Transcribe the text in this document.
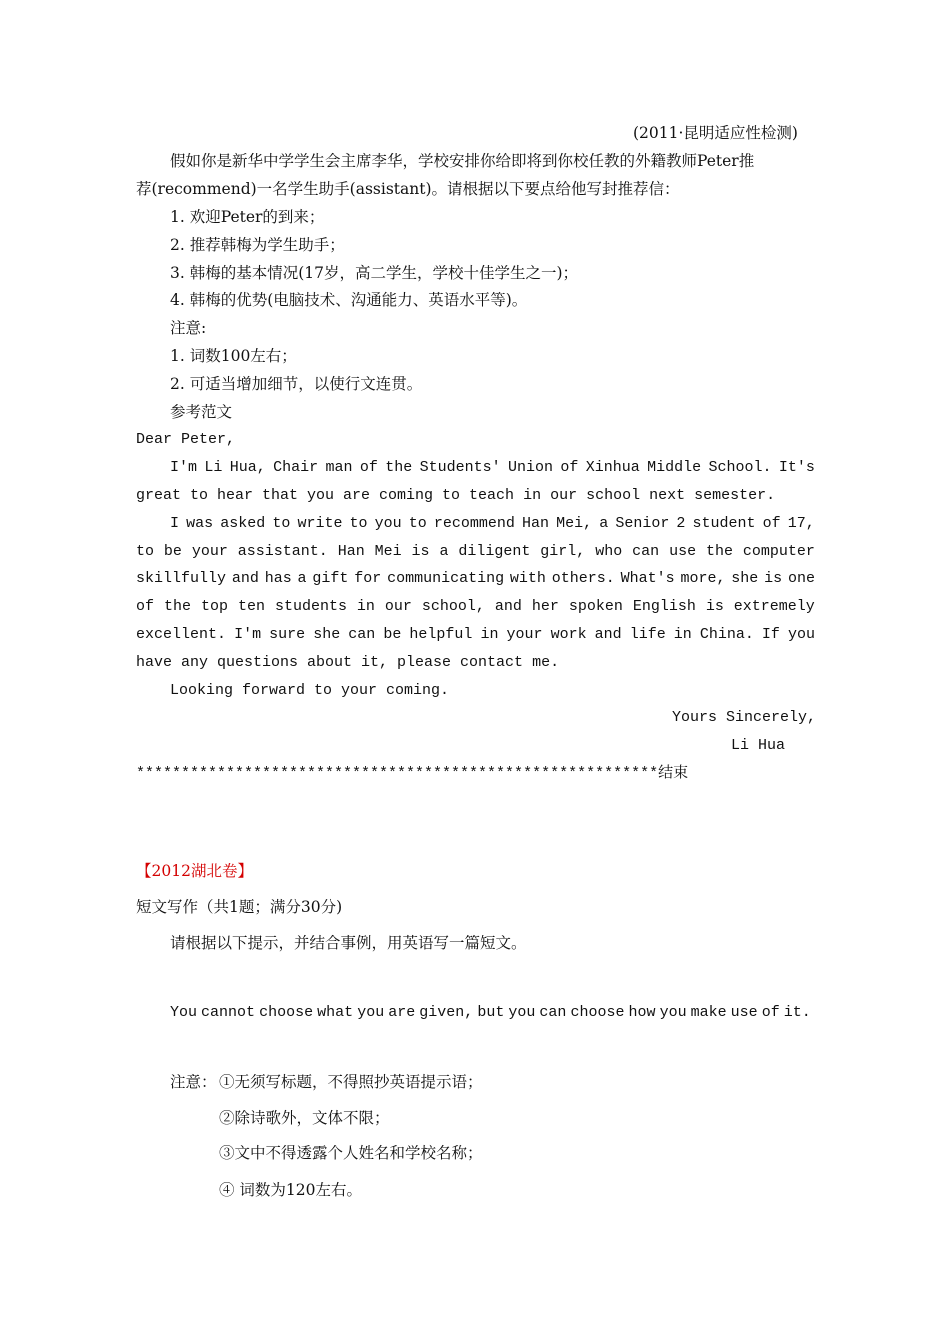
(2011·昆明适应性检测)
假如你是新华中学学生会主席李华，学校安排你给即将到你校任教的外籍教师Peter推
荐(recommend)一名学生助手(assistant)。请根据以下要点给他写封推荐信：
1. 欢迎Peter的到来；
2. 推荐韩梅为学生助手；
3. 韩梅的基本情况(17岁，高二学生，学校十佳学生之一)；
4. 韩梅的优势(电脑技术、沟通能力、英语水平等)。
注意:
1. 词数100左右；
2. 可适当增加细节，以使行文连贯。
参考范文
Dear Peter,
I'm Li Hua, Chair man of the Students' Union of Xinhua Middle School. It's
great to hear that you are coming to teach in our school next semester.
I was asked to write to you to recommend Han Mei, a Senior 2 student of 17,
to be your assistant. Han Mei is a diligent girl, who can use the computer
skillfully and has a gift for communicating with others. What's more, she is one
of the top ten students in our school, and her spoken English is extremely
excellent. I'm sure she can be helpful in your work and life in China. If you
have any questions about it, please contact me.
Looking forward to your coming.
Yours Sincerely,
Li Hua
**********************************************************结束
【2012湖北卷】
短文写作（共1题；满分30分)
请根据以下提示，并结合事例，用英语写一篇短文。
You cannot choose what you are given, but you can choose how you make use of it.
注意： ①无须写标题，不得照抄英语提示语；
②除诗歌外，文体不限；
③文中不得透露个人姓名和学校名称；
④ 词数为120左右。
